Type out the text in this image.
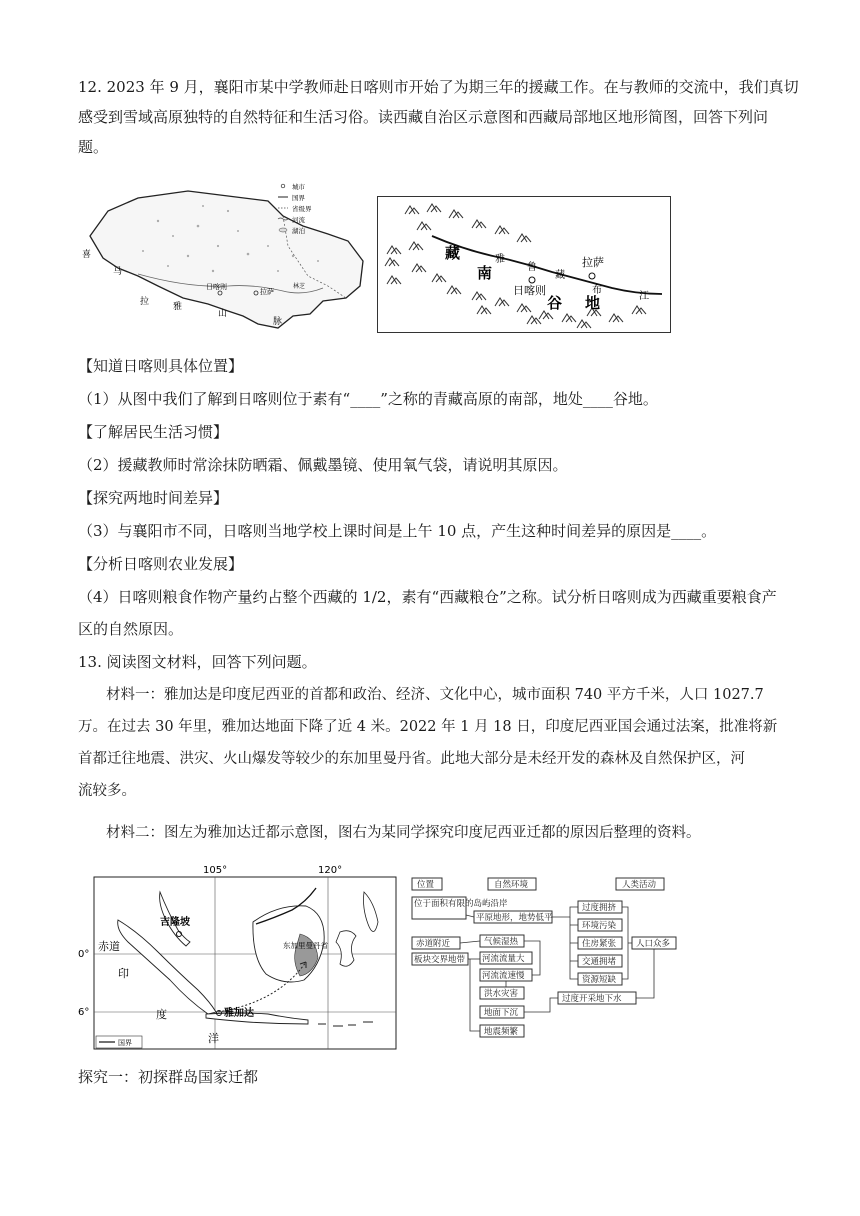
12. 2023 年 9 月，襄阳市某中学教师赴日喀则市开始了为期三年的援藏工作。在与教师的交流中，我们真切
感受到雪域高原独特的自然特征和生活习俗。读西藏自治区示意图和西藏局部地区地形简图，回答下列问
题。
喜
马
拉	雅
山
脉
日喀则
拉萨
林芝
城市
国界
省级界
河流
湖泊
藏
南
谷 地
雅
鲁
藏
布
江
日喀则
拉萨
【知道日喀则具体位置】
（1）从图中我们了解到日喀则位于素有“____”之称的青藏高原的南部，地处____谷地。
【了解居民生活习惯】
（2）援藏教师时常涂抹防晒霜、佩戴墨镜、使用氧气袋，请说明其原因。
【探究两地时间差异】
（3）与襄阳市不同，日喀则当地学校上课时间是上午 10 点，产生这种时间差异的原因是____。
【分析日喀则农业发展】
（4）日喀则粮食作物产量约占整个西藏的 1/2，素有“西藏粮仓”之称。试分析日喀则成为西藏重要粮食产
区的自然原因。
13. 阅读图文材料，回答下列问题。
材料一：雅加达是印度尼西亚的首都和政治、经济、文化中心，城市面积 740 平方千米，人口 1027.7
万。在过去 30 年里，雅加达地面下降了近 4 米。2022 年 1 月 18 日，印度尼西亚国会通过法案，批准将新
首都迁往地震、洪灾、火山爆发等较少的东加里曼丹省。此地大部分是未经开发的森林及自然保护区，河
流较多。
材料二：图左为雅加达迁都示意图，图右为某同学探究印度尼西亚迁都的原因后整理的资料。
105°	120°
0°
6°
赤道
吉隆坡
雅加达
东加里曼丹省
印
度
洋
国界
位置	自然环境	人类活动
位于面积有限的岛屿沿岸
赤道附近
板块交界地带
平原地形，地势低平
气候湿热
河流流量大
河流流速慢
洪水灾害
地面下沉
地震频繁
过度拥挤
环境污染
住房紧张
交通拥堵
资源短缺
人口众多
过度开采地下水
探究一：初探群岛国家迁都
